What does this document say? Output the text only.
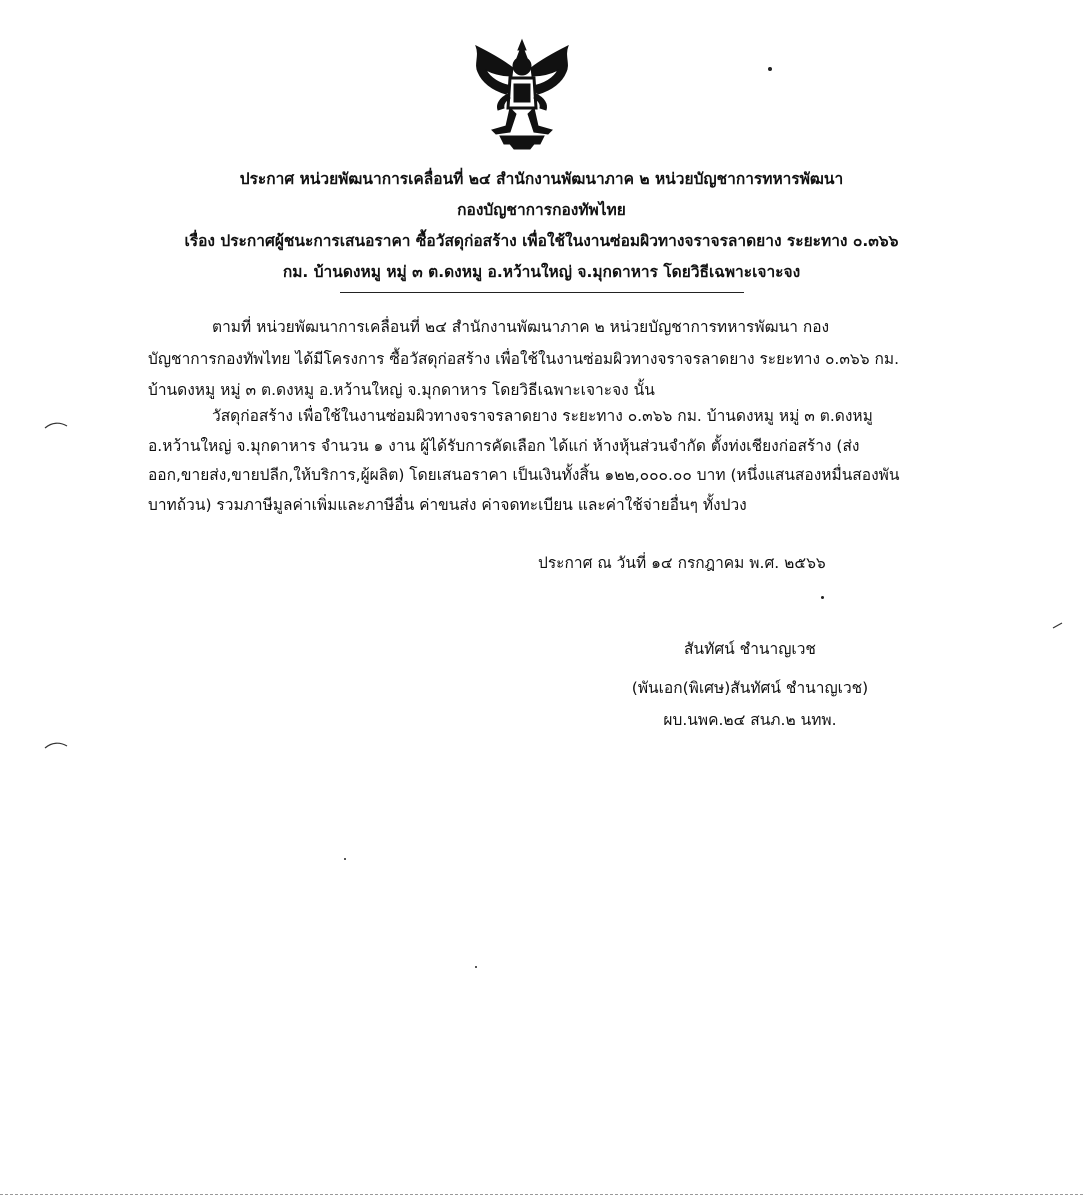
ประกาศ หน่วยพัฒนาการเคลื่อนที่ ๒๔ สำนักงานพัฒนาภาค ๒ หน่วยบัญชาการทหารพัฒนา
กองบัญชาการกองทัพไทย
เรื่อง ประกาศผู้ชนะการเสนอราคา ซื้อวัสดุก่อสร้าง เพื่อใช้ในงานซ่อมผิวทางจราจรลาดยาง ระยะทาง ๐.๓๖๖
กม. บ้านดงหมู หมู่ ๓ ต.ดงหมู อ.หว้านใหญ่ จ.มุกดาหาร โดยวิธีเฉพาะเจาะจง
ตามที่ หน่วยพัฒนาการเคลื่อนที่ ๒๔ สำนักงานพัฒนาภาค ๒ หน่วยบัญชาการทหารพัฒนา กอง
บัญชาการกองทัพไทย ได้มีโครงการ ซื้อวัสดุก่อสร้าง เพื่อใช้ในงานซ่อมผิวทางจราจรลาดยาง ระยะทาง ๐.๓๖๖ กม.
บ้านดงหมู หมู่ ๓ ต.ดงหมู อ.หว้านใหญ่ จ.มุกดาหาร โดยวิธีเฉพาะเจาะจง นั้น
วัสดุก่อสร้าง เพื่อใช้ในงานซ่อมผิวทางจราจรลาดยาง ระยะทาง ๐.๓๖๖ กม. บ้านดงหมู หมู่ ๓ ต.ดงหมู
อ.หว้านใหญ่ จ.มุกดาหาร จำนวน ๑ งาน ผู้ได้รับการคัดเลือก ได้แก่ ห้างหุ้นส่วนจำกัด ตั้งท่งเชียงก่อสร้าง (ส่ง
ออก,ขายส่ง,ขายปลีก,ให้บริการ,ผู้ผลิต) โดยเสนอราคา เป็นเงินทั้งสิ้น ๑๒๒,๐๐๐.๐๐ บาท (หนึ่งแสนสองหมื่นสองพัน
บาทถ้วน) รวมภาษีมูลค่าเพิ่มและภาษีอื่น ค่าขนส่ง ค่าจดทะเบียน และค่าใช้จ่ายอื่นๆ ทั้งปวง
ประกาศ ณ วันที่ ๑๔ กรกฎาคม พ.ศ. ๒๕๖๖
สันทัศน์ ชำนาญเวช
(พันเอก(พิเศษ)สันทัศน์ ชำนาญเวช)
ผบ.นพค.๒๔ สนภ.๒ นทพ.
